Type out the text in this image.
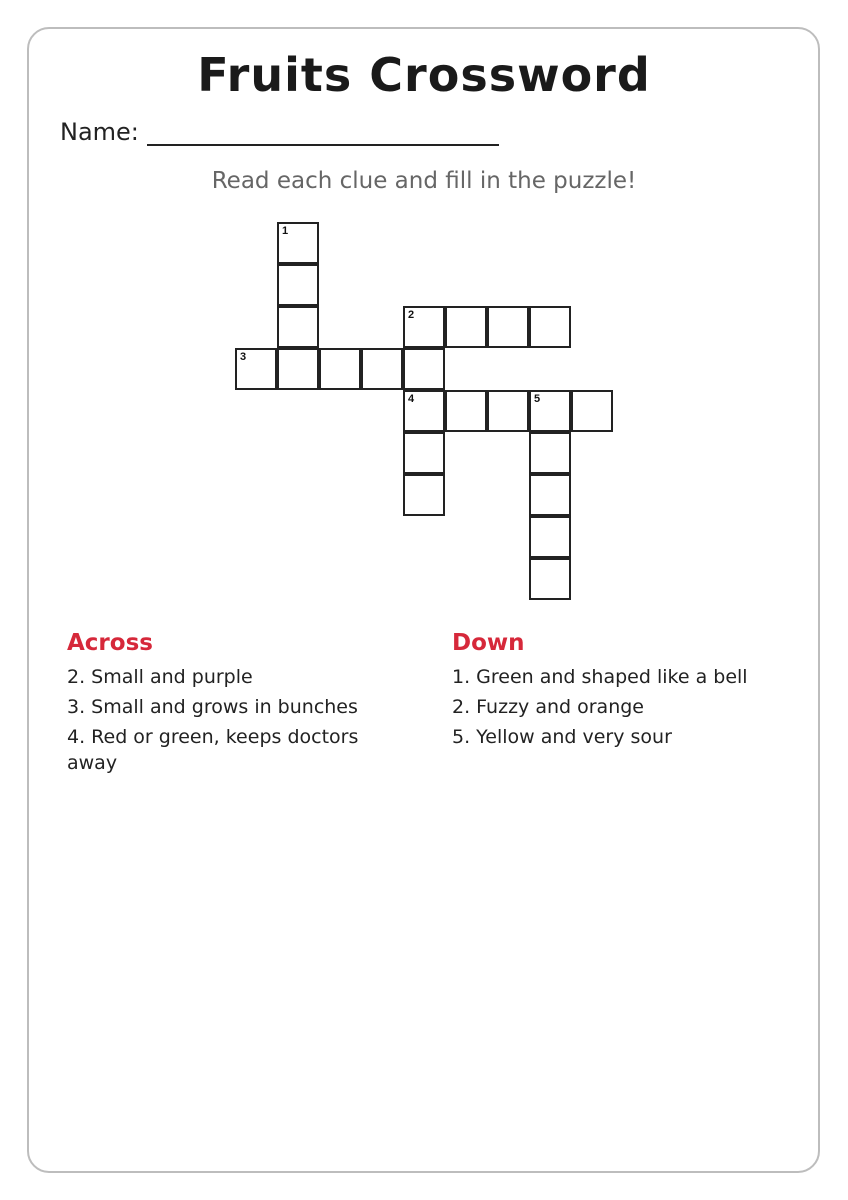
Fruits Crossword
Name:
Read each clue and fill in the puzzle!
1
2
3
4	5
Across
2. Small and purple
3. Small and grows in bunches
4. Red or green, keeps doctors away
Down
1. Green and shaped like a bell
2. Fuzzy and orange
5. Yellow and very sour
